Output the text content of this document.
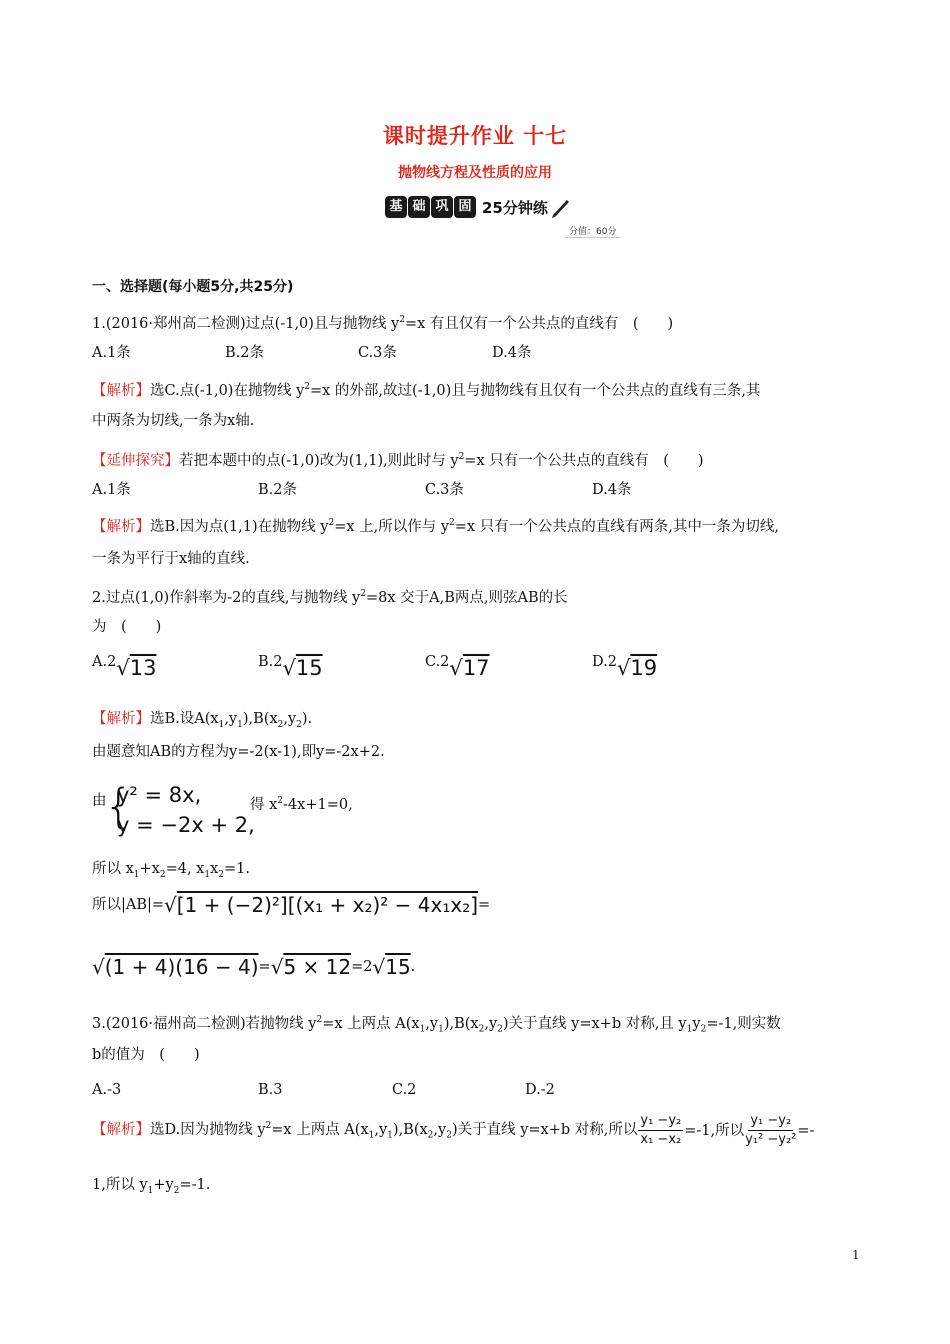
课时提升作业 十七
抛物线方程及性质的应用
基 础 巩 固 25分钟练
分值：60分
一、选择题(每小题5分,共25分)
1.(2016·郑州高二检测)过点(-1,0)且与抛物线 $y^2=x$ 有且仅有一个公共点的直线有　(　　)
A.1条	B.2条	C.3条	D.4条
【解析】选C.点(-1,0)在抛物线 $y^2=x$ 的外部,故过(-1,0)且与抛物线有且仅有一个公共点的直线有三条,其
中两条为切线,一条为x轴.
【延伸探究】若把本题中的点(-1,0)改为(1,1),则此时与 $y^2=x$ 只有一个公共点的直线有　(　　)
A.1条	B.2条	C.3条	D.4条
【解析】选B.因为点(1,1)在抛物线 $y^2=x$ 上,所以作与 $y^2=x$ 只有一个公共点的直线有两条,其中一条为切线,
一条为平行于x轴的直线.
2.过点(1,0)作斜率为-2的直线,与抛物线 $y^2=8x$ 交于A,B两点,则弦AB的长
为　(　　)
A.2 √13	B.2 √15	C.2 √17	D.2 √19
【解析】选B.设$A(x_1,y_1),B(x_2,y_2)$.
由题意知AB的方程为y=-2(x-1),即y=-2x+2.
由
{
y² = 8x,
y = −2x + 2,
得 $x^2-4x+1=0$,
所以 $x_1+x_2=4$, $x_1x_2=1$.
所以|AB|= √[1 + (−2)²][(x₁ + x₂)² − 4x₁x₂] =
√(1 + 4)(16 − 4) = √5 × 12 =2 √15 .
3.(2016·福州高二检测)若抛物线 $y^2=x$ 上两点 $A(x_1,y_1),B(x_2,y_2)$关于直线 y=x+b 对称,且 $y_1y_2=-1$,则实数
b的值为　(　　)
A.-3	B.3	C.2	D.-2
【解析】选D.因为抛物线 $y^2=x$ 上两点 $A(x_1,y_1),B(x_2,y_2)$关于直线 y=x+b 对称,所以 $\frac{\text{y₁ −y₂}}{\text{x₁ −x₂}} =-1$,所以 $\frac{\text{y₁ −y₂}}{\text{y₁² −y₂²}}$ =-
1,所以 $y_1+y_2=-1$.
1
